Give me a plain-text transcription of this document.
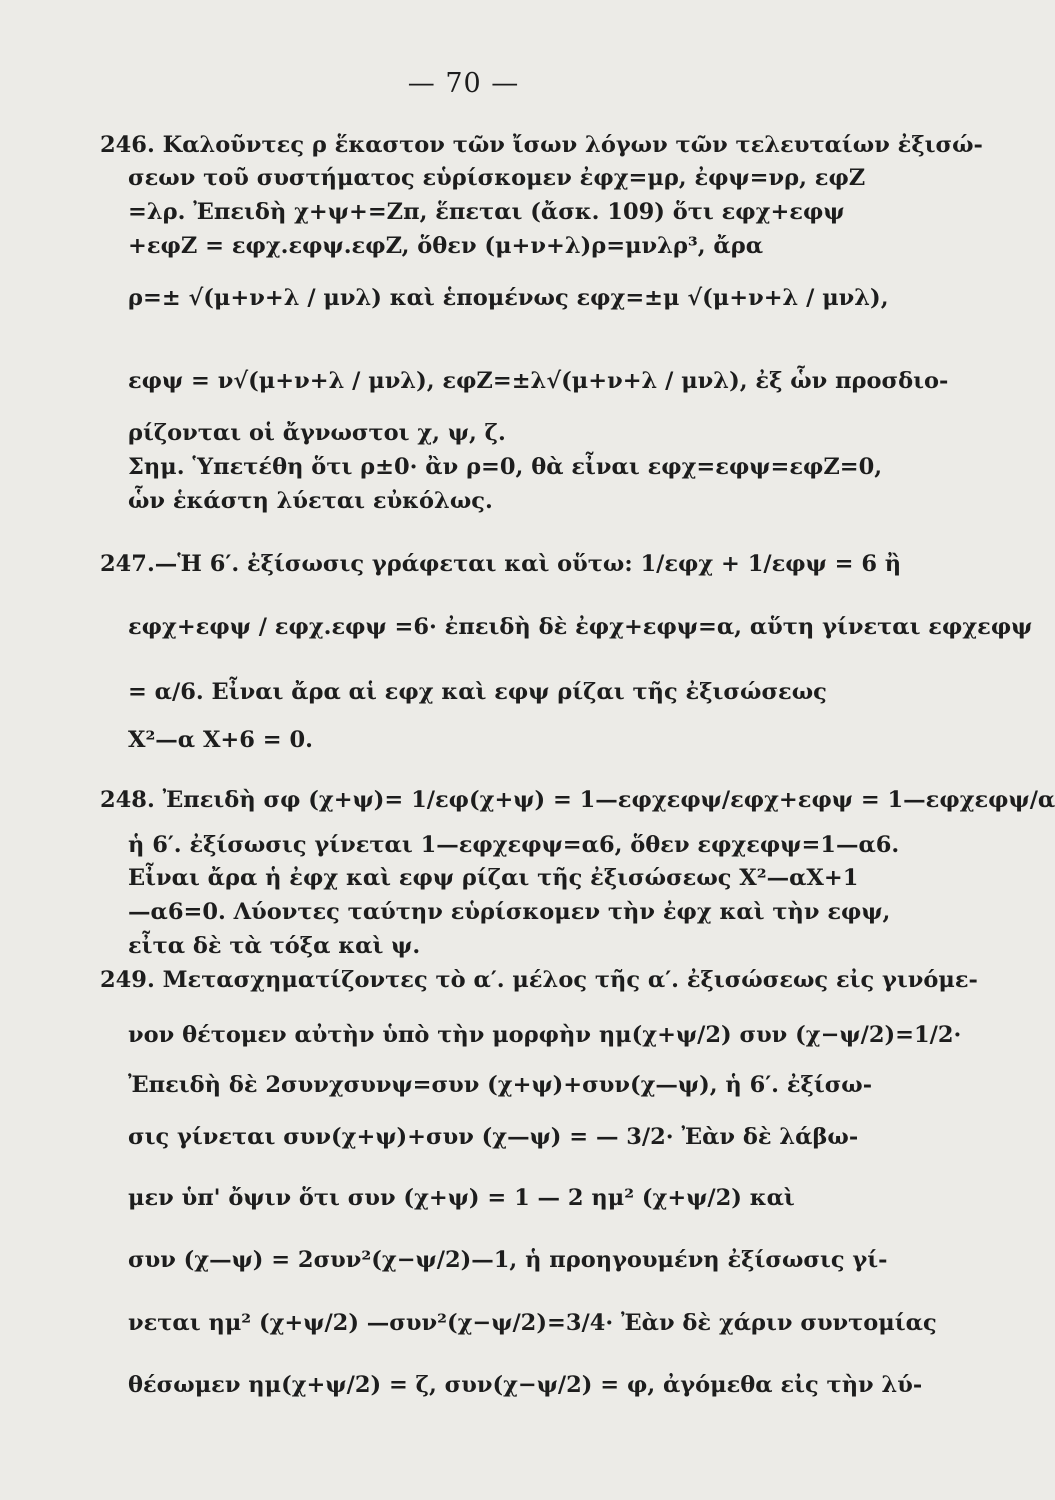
— 70 —
246. Καλοῦντες ρ ἕκαστον τῶν ἴσων λόγων τῶν τελευταίων ἐξισώ-
σεων τοῦ συστήματος εὑρίσκομεν ἐφχ=μρ, ἐφψ=νρ, εφZ
=λρ. Ἐπειδὴ χ+ψ+=Zπ, ἕπεται (ἄσκ. 109) ὅτι εφχ+εφψ
+εφZ = εφχ.εφψ.εφZ, ὅθεν (μ+ν+λ)ρ=μνλρ³, ἄρα
ρ=± √(μ+ν+λ / μνλ) καὶ ἑπομένως εφχ=±μ √(μ+ν+λ / μνλ),
εφψ = ν√(μ+ν+λ / μνλ), εφZ=±λ√(μ+ν+λ / μνλ), ἐξ ὧν προσδιο-
ρίζονται οἱ ἄγνωστοι χ, ψ, ζ.
Σημ. Ὑπετέθη ὅτι ρ±0· ἂν ρ=0, θὰ εἶναι εφχ=εφψ=εφZ=0,
ὧν ἑκάστη λύεται εὐκόλως.
247.—Ἡ 6′. ἐξίσωσις γράφεται καὶ οὕτω: 1/εφχ + 1/εφψ = 6 ἢ
εφχ+εφψ / εφχ.εφψ =6· ἐπειδὴ δὲ ἐφχ+εφψ=α, αὕτη γίνεται εφχεφψ
= α/6. Εἶναι ἄρα αἱ εφχ καὶ εφψ ρίζαι τῆς ἐξισώσεως
X²—α X+6 = 0.
248. Ἐπειδὴ σφ (χ+ψ)= 1/εφ(χ+ψ) = 1—εφχεφψ/εφχ+εφψ = 1—εφχεφψ/α
ἡ 6′. ἐξίσωσις γίνεται 1—εφχεφψ=α6, ὅθεν εφχεφψ=1—α6.
Εἶναι ἄρα ἡ ἐφχ καὶ εφψ ρίζαι τῆς ἐξισώσεως X²—αX+1
—α6=0. Λύοντες ταύτην εὑρίσκομεν τὴν ἐφχ καὶ τὴν εφψ,
εἶτα δὲ τὰ τόξα καὶ ψ.
249. Μετασχηματίζοντες τὸ α′. μέλος τῆς α′. ἐξισώσεως εἰς γινόμε-
νον θέτομεν αὐτὴν ὑπὸ τὴν μορφὴν ημ(χ+ψ/2) συν (χ−ψ/2)=1/2·
Ἐπειδὴ δὲ 2συνχσυνψ=συν (χ+ψ)+συν(χ—ψ), ἡ 6′. ἐξίσω-
σις γίνεται συν(χ+ψ)+συν (χ—ψ) = — 3/2· Ἐὰν δὲ λάβω-
μεν ὑπ' ὄψιν ὅτι συν (χ+ψ) = 1 — 2 ημ² (χ+ψ/2) καὶ
συν (χ—ψ) = 2συν²(χ−ψ/2)—1, ἡ προηγουμένη ἐξίσωσις γί-
νεται ημ² (χ+ψ/2) —συν²(χ−ψ/2)=3/4· Ἐὰν δὲ χάριν συντομίας
θέσωμεν ημ(χ+ψ/2) = ζ, συν(χ−ψ/2) = φ, ἀγόμεθα εἰς τὴν λύ-
